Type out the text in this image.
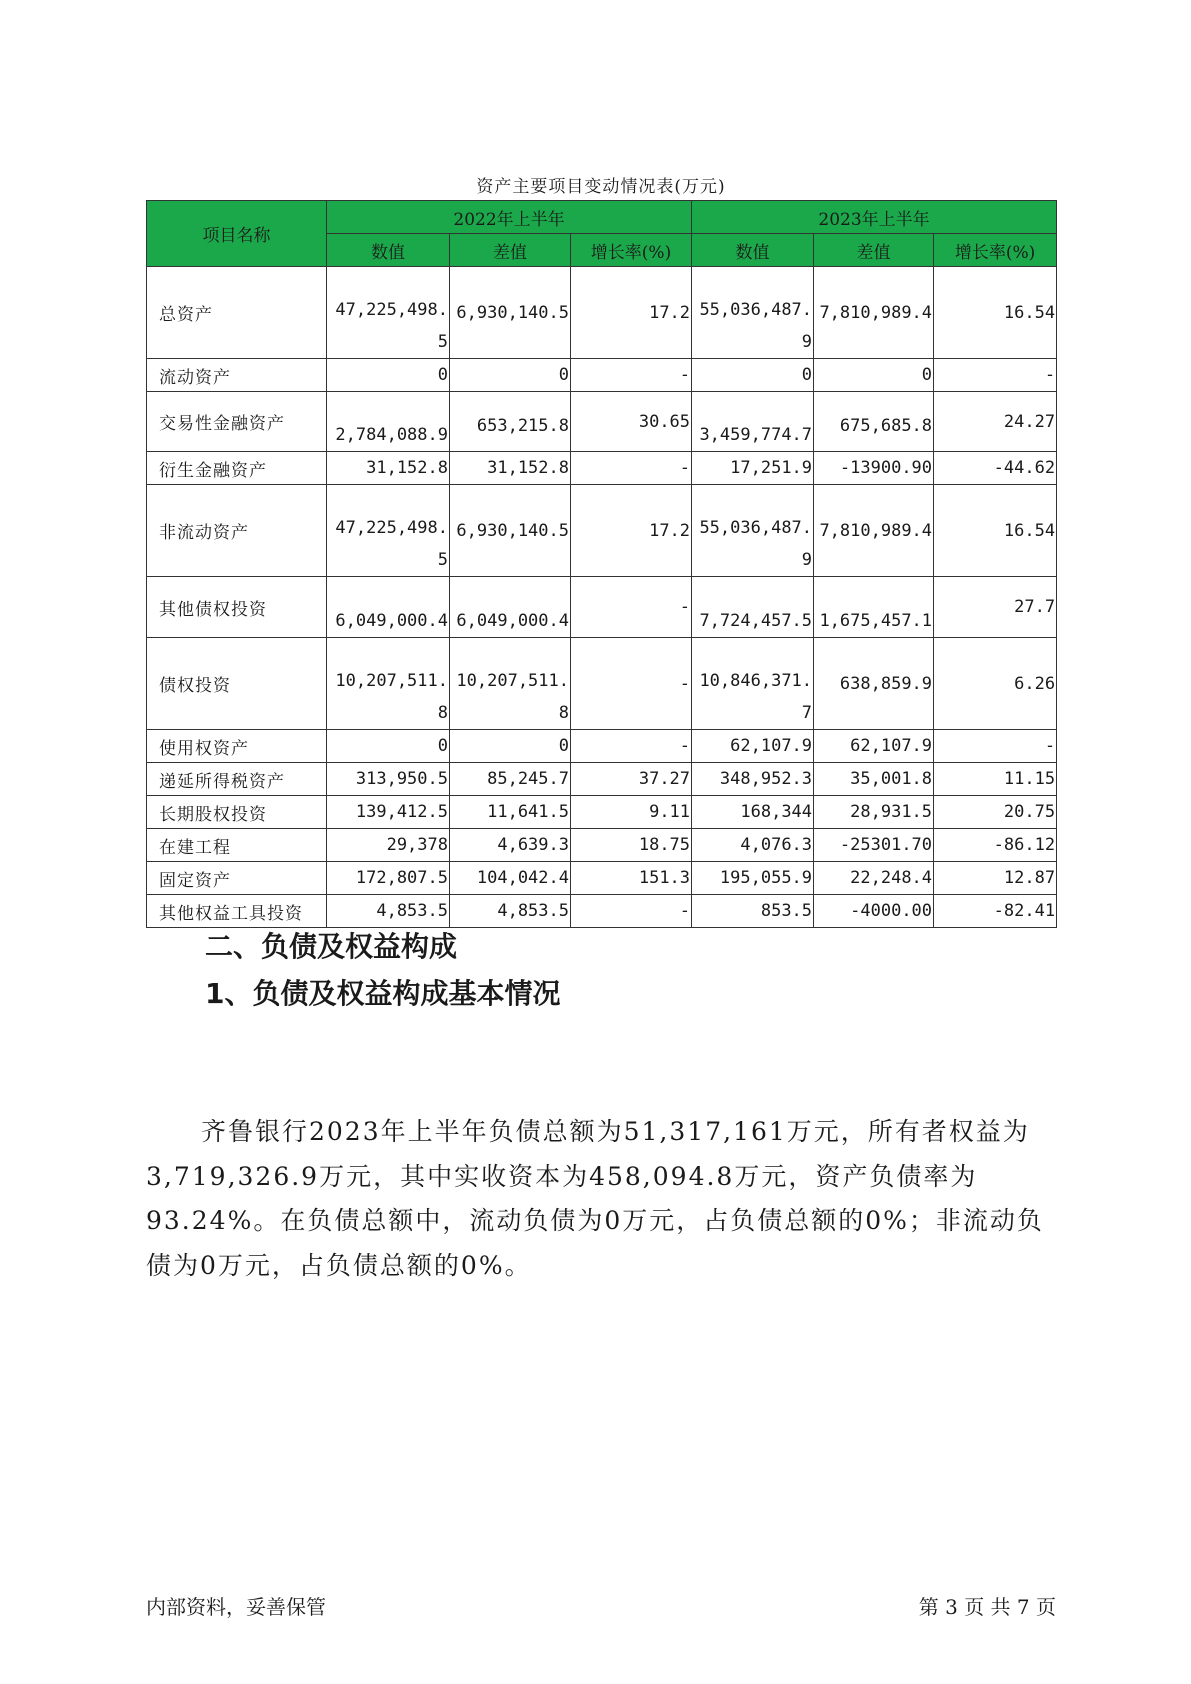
资产主要项目变动情况表(万元)
项目名称	2022年上半年			2023年上半年		
	数值	差值	增长率(%)	数值	差值	增长率(%)
总资产	47,225,498.5	6,930,140.5	17.2	55,036,487.9	7,810,989.4	16.54
流动资产	0	0	-	0	0	-
交易性金融资产	2,784,088.9	653,215.8	30.65	3,459,774.7	675,685.8	24.27
衍生金融资产	31,152.8	31,152.8	-	17,251.9	-13900.90	-44.62
非流动资产	47,225,498.5	6,930,140.5	17.2	55,036,487.9	7,810,989.4	16.54
其他债权投资	6,049,000.4	6,049,000.4	-	7,724,457.5	1,675,457.1	27.7
债权投资	10,207,511.8	10,207,511.8	-	10,846,371.7	638,859.9	6.26
使用权资产	0	0	-	62,107.9	62,107.9	-
递延所得税资产	313,950.5	85,245.7	37.27	348,952.3	35,001.8	11.15
长期股权投资	139,412.5	11,641.5	9.11	168,344	28,931.5	20.75
在建工程	29,378	4,639.3	18.75	4,076.3	-25301.70	-86.12
固定资产	172,807.5	104,042.4	151.3	195,055.9	22,248.4	12.87
其他权益工具投资	4,853.5	4,853.5	-	853.5	-4000.00	-82.41
二、负债及权益构成
1、负债及权益构成基本情况
齐鲁银行2023年上半年负债总额为51,317,161万元，所有者权益为3,719,326.9万元，其中实收资本为458,094.8万元，资产负债率为93.24%。在负债总额中，流动负债为0万元，占负债总额的0%；非流动负债为0万元，占负债总额的0%。
内部资料，妥善保管	第 3 页 共 7 页
